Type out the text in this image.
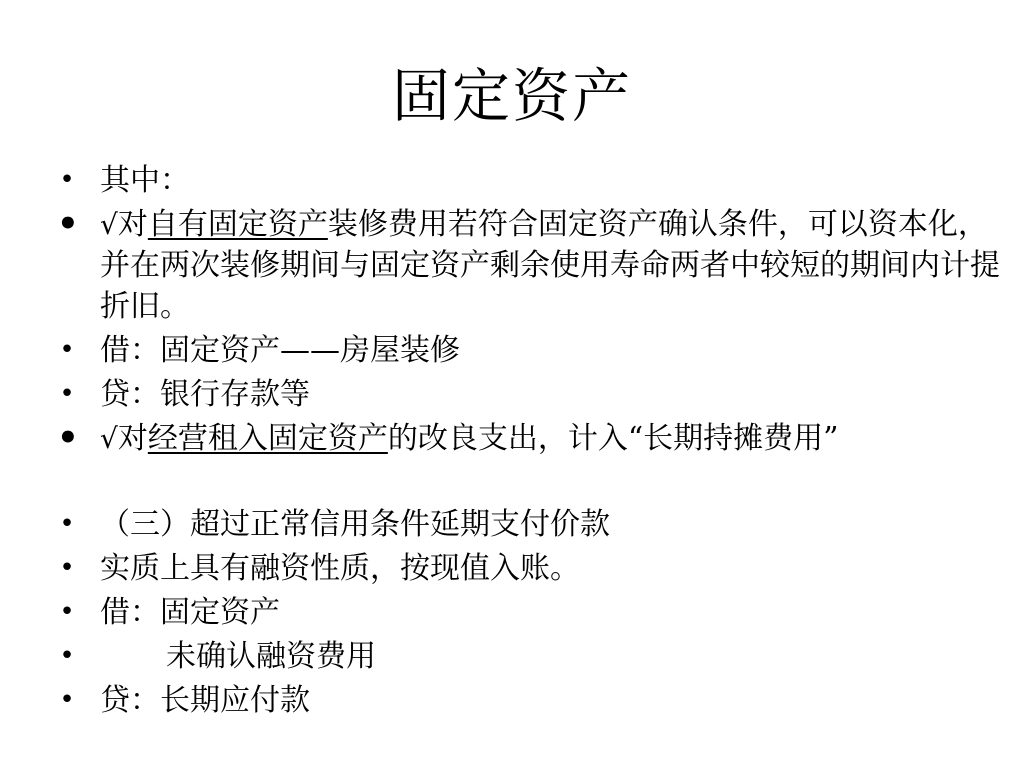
固定资产
• 其中：
• √对自有固定资产装修费用若符合固定资产确认条件，可以资本化，并在两次装修期间与固定资产剩余使用寿命两者中较短的期间内计提折旧。
• 借：固定资产——房屋装修
• 贷：银行存款等
• √对经营租入固定资产的改良支出，计入“长期持摊费用”
• （三）超过正常信用条件延期支付价款
• 实质上具有融资性质，按现值入账。
• 借：固定资产
•	未确认融资费用
• 贷：长期应付款
